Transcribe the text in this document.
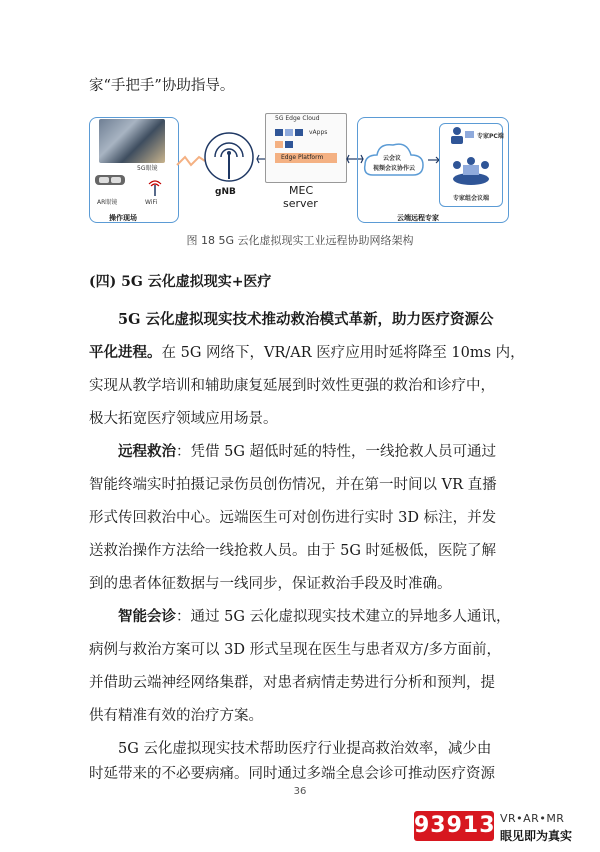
家“手把手”协助指导。
5G眼镜
AR眼镜	WiFi
操作现场
gNB
5G Edge Cloud
vApps
Edge Platform
MEC
server
云会议
视频会议协作云
专家PC端
专家组会议端
云端远程专家
图 18 5G 云化虚拟现实工业远程协助网络架构
(四) 5G 云化虚拟现实+医疗
5G 云化虚拟现实技术推动救治模式革新，助力医疗资源公
平化进程。在 5G 网络下，VR/AR 医疗应用时延将降至 10ms 内，
实现从教学培训和辅助康复延展到时效性更强的救治和诊疗中，
极大拓宽医疗领域应用场景。
远程救治：凭借 5G 超低时延的特性，一线抢救人员可通过
智能终端实时拍摄记录伤员创伤情况，并在第一时间以 VR 直播
形式传回救治中心。远端医生可对创伤进行实时 3D 标注，并发
送救治操作方法给一线抢救人员。由于 5G 时延极低，医院了解
到的患者体征数据与一线同步，保证救治手段及时准确。
智能会诊：通过 5G 云化虚拟现实技术建立的异地多人通讯，
病例与救治方案可以 3D 形式呈现在医生与患者双方/多方面前，
并借助云端神经网络集群，对患者病情走势进行分析和预判，提
供有精准有效的治疗方案。
5G 云化虚拟现实技术帮助医疗行业提高救治效率，减少由
时延带来的不必要病痛。同时通过多端全息会诊可推动医疗资源
36
93913 VR•AR•MR
眼见即为真实
